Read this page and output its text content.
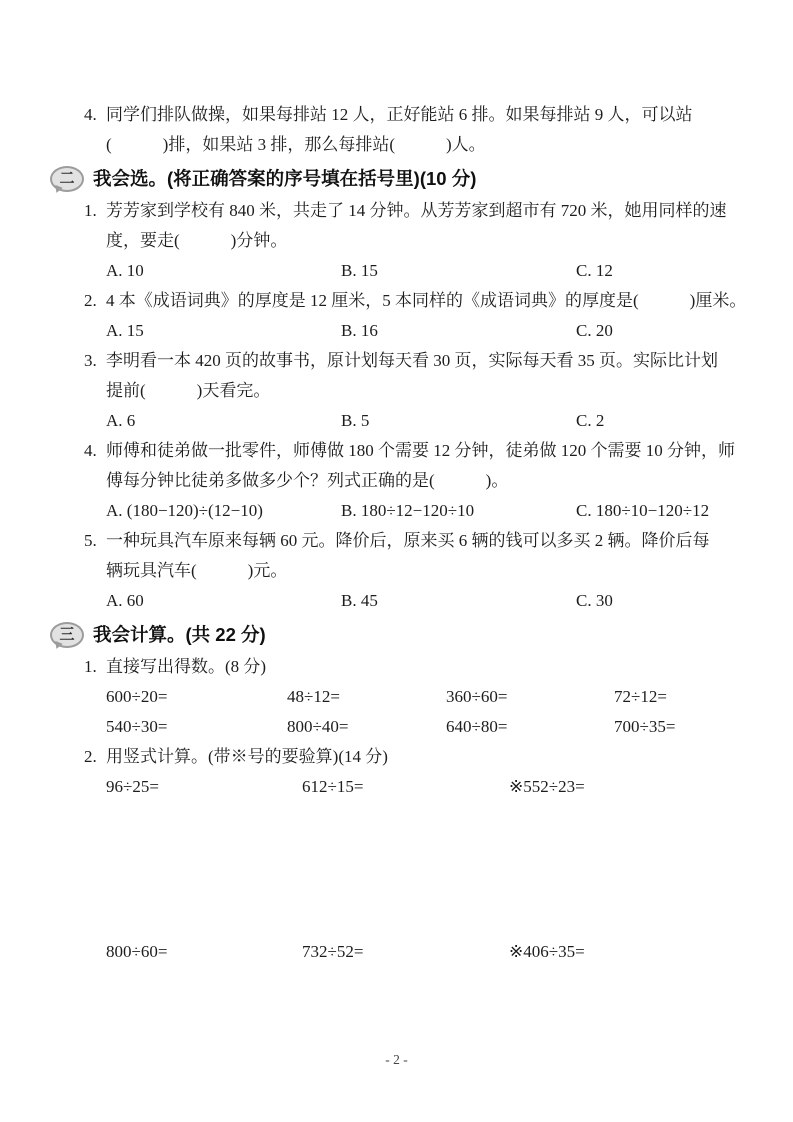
4. 同学们排队做操，如果每排站 12 人，正好能站 6 排。如果每排站 9 人，可以站
(　　　)排，如果站 3 排，那么每排站(　　　)人。
二	我会选。(将正确答案的序号填在括号里)(10 分)
1. 芳芳家到学校有 840 米，共走了 14 分钟。从芳芳家到超市有 720 米，她用同样的速
度，要走(　　　)分钟。
A. 10	B. 15	C. 12
2. 4 本《成语词典》的厚度是 12 厘米，5 本同样的《成语词典》的厚度是(　　　)厘米。
A. 15	B. 16	C. 20
3. 李明看一本 420 页的故事书，原计划每天看 30 页，实际每天看 35 页。实际比计划
提前(　　　)天看完。
A. 6	B. 5	C. 2
4. 师傅和徒弟做一批零件，师傅做 180 个需要 12 分钟，徒弟做 120 个需要 10 分钟，师
傅每分钟比徒弟多做多少个？列式正确的是(　　　)。
A. (180−120)÷(12−10)	B. 180÷12−120÷10	C. 180÷10−120÷12
5. 一种玩具汽车原来每辆 60 元。降价后，原来买 6 辆的钱可以多买 2 辆。降价后每
辆玩具汽车(　　　)元。
A. 60	B. 45	C. 30
三	我会计算。(共 22 分)
1. 直接写出得数。(8 分)
600÷20=	48÷12=	360÷60=	72÷12=
540÷30=	800÷40=	640÷80=	700÷35=
2. 用竖式计算。(带※号的要验算)(14 分)
96÷25=	612÷15=	※552÷23=
800÷60=	732÷52=	※406÷35=
- 2 -
